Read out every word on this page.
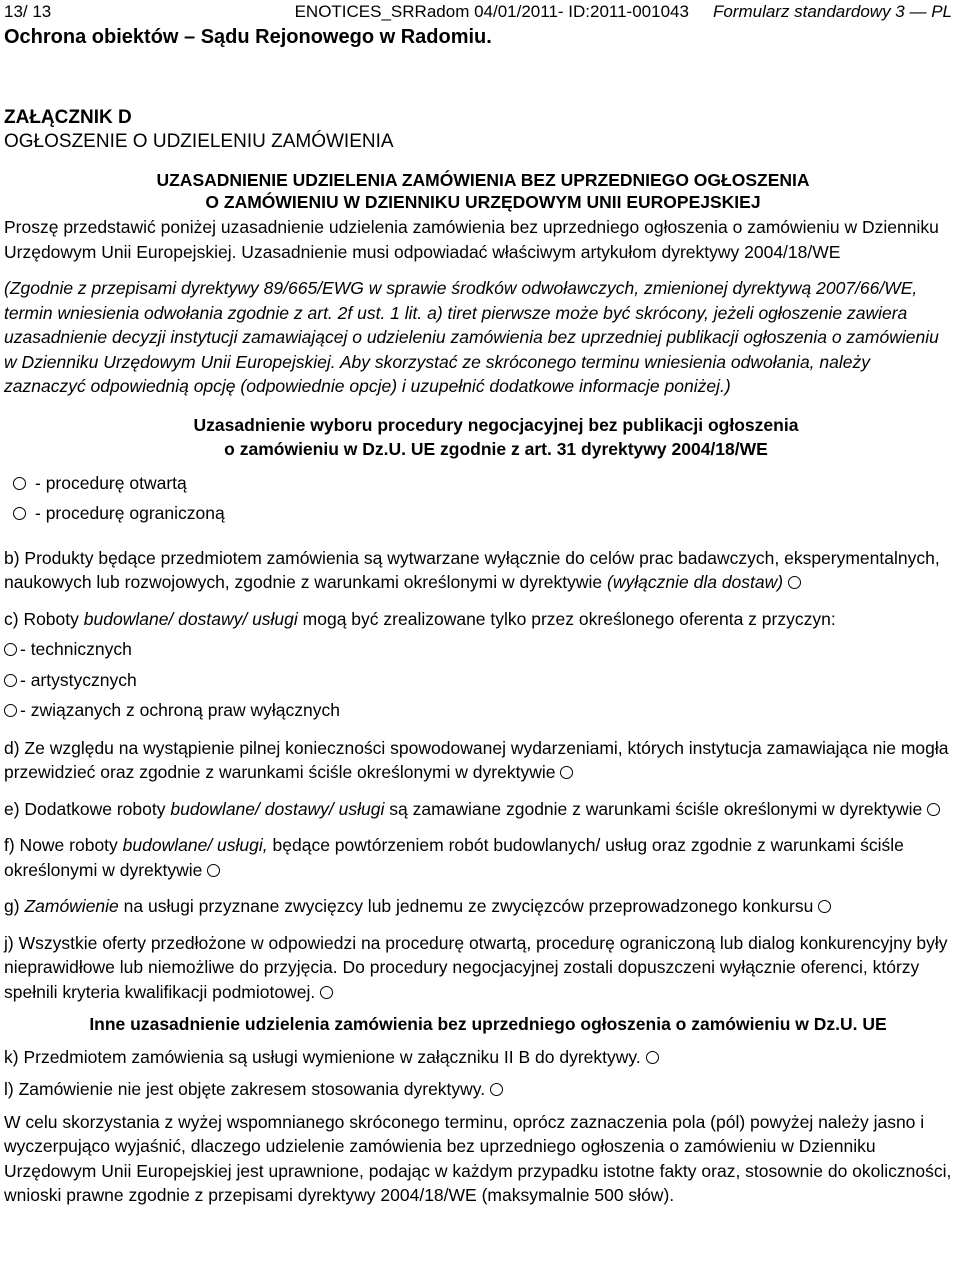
13/ 13	ENOTICES_SRRadom 04/01/2011- ID:2011-001043 Formularz standardowy 3 — PL
Ochrona obiektów – Sądu Rejonowego w Radomiu.
ZAŁĄCZNIK D
OGŁOSZENIE O UDZIELENIU ZAMÓWIENIA
UZASADNIENIE UDZIELENIA ZAMÓWIENIA BEZ UPRZEDNIEGO OGŁOSZENIA
O ZAMÓWIENIU W DZIENNIKU URZĘDOWYM UNII EUROPEJSKIEJ

Proszę przedstawić poniżej uzasadnienie udzielenia zamówienia bez uprzedniego ogłoszenia o zamówieniu w Dzienniku Urzędowym Unii Europejskiej. Uzasadnienie musi odpowiadać właściwym artykułom dyrektywy 2004/18/WE

(Zgodnie z przepisami dyrektywy 89/665/EWG w sprawie środków odwoławczych, zmienionej dyrektywą 2007/66/WE, termin wniesienia odwołania zgodnie z art. 2f ust. 1 lit. a) tiret pierwsze może być skrócony, jeżeli ogłoszenie zawiera uzasadnienie decyzji instytucji zamawiającej o udzieleniu zamówienia bez uprzedniej publikacji ogłoszenia o zamówieniu w Dzienniku Urzędowym Unii Europejskiej. Aby skorzystać ze skróconego terminu wniesienia odwołania, należy zaznaczyć odpowiednią opcję (odpowiednie opcje) i uzupełnić dodatkowe informacje poniżej.)

- procedurę otwartą
- procedurę ograniczoną
Uzasadnienie wyboru procedury negocjacyjnej bez publikacji ogłoszenia
o zamówieniu w Dz.U. UE zgodnie z art. 31 dyrektywy 2004/18/WE

b) Produkty będące przedmiotem zamówienia są wytwarzane wyłącznie do celów prac badawczych, eksperymentalnych, naukowych lub rozwojowych, zgodnie z warunkami określonymi w dyrektywie (wyłącznie dla dostaw)

c) Roboty budowlane/ dostawy/ usługi mogą być zrealizowane tylko przez określonego oferenta z przyczyn:

- technicznych
- artystycznych
- związanych z ochroną praw wyłącznych

d) Ze względu na wystąpienie pilnej konieczności spowodowanej wydarzeniami, których instytucja zamawiająca nie mogła przewidzieć oraz zgodnie z warunkami ściśle określonymi w dyrektywie

e) Dodatkowe roboty budowlane/ dostawy/ usługi są zamawiane zgodnie z warunkami ściśle określonymi w dyrektywie

f) Nowe roboty budowlane/ usługi, będące powtórzeniem robót budowlanych/ usług oraz zgodnie z warunkami ściśle określonymi w dyrektywie

g) Zamówienie na usługi przyznane zwycięzcy lub jednemu ze zwycięzców przeprowadzonego konkursu

j) Wszystkie oferty przedłożone w odpowiedzi na procedurę otwartą, procedurę ograniczoną lub dialog konkurencyjny były nieprawidłowe lub niemożliwe do przyjęcia. Do procedury negocjacyjnej zostali dopuszczeni wyłącznie oferenci, którzy spełnili kryteria kwalifikacji podmiotowej.

Inne uzasadnienie udzielenia zamówienia bez uprzedniego ogłoszenia o zamówieniu w Dz.U. UE

k) Przedmiotem zamówienia są usługi wymienione w załączniku II B do dyrektywy.

l) Zamówienie nie jest objęte zakresem stosowania dyrektywy.

W celu skorzystania z wyżej wspomnianego skróconego terminu, oprócz zaznaczenia pola (pól) powyżej należy jasno i wyczerpująco wyjaśnić, dlaczego udzielenie zamówienia bez uprzedniego ogłoszenia o zamówieniu w Dzienniku Urzędowym Unii Europejskiej jest uprawnione, podając w każdym przypadku istotne fakty oraz, stosownie do okoliczności, wnioski prawne zgodnie z przepisami dyrektywy 2004/18/WE (maksymalnie 500 słów).
